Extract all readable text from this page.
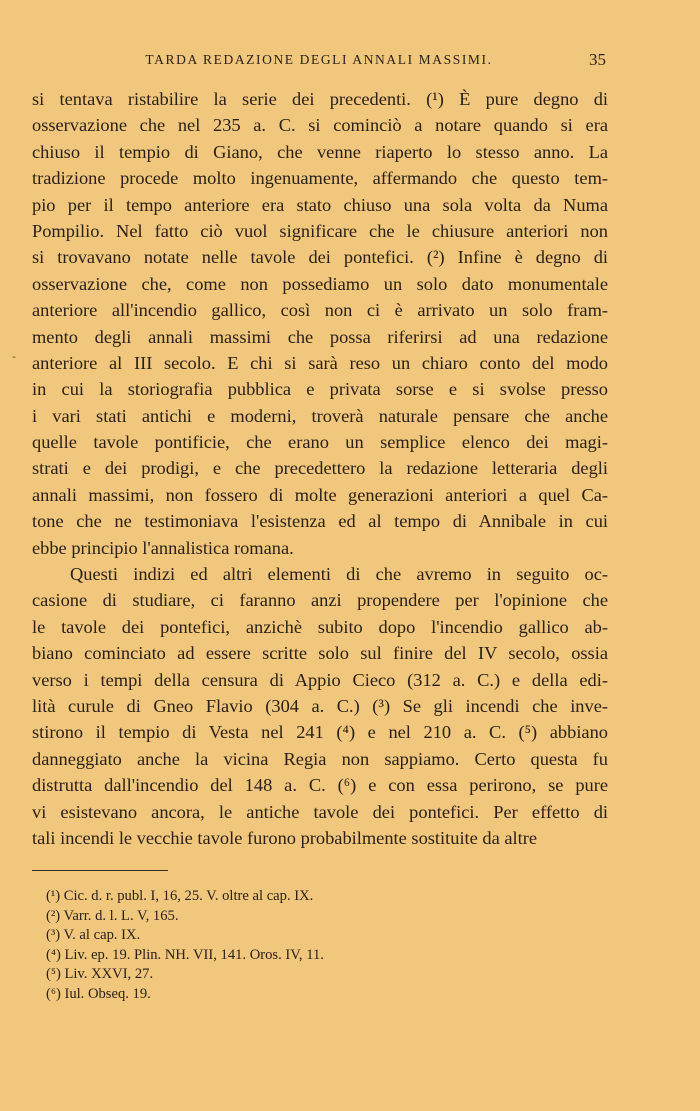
TARDA REDAZIONE DEGLI ANNALI MASSIMI.	35
-
si tentava ristabilire la serie dei precedenti. (¹) È pure degno di
osservazione che nel 235 a. C. si cominciò a notare quando si era
chiuso il tempio di Giano, che venne riaperto lo stesso anno. La
tradizione procede molto ingenuamente, affermando che questo tem-
pio per il tempo anteriore era stato chiuso una sola volta da Numa
Pompilio. Nel fatto ciò vuol significare che le chiusure anteriori non
si trovavano notate nelle tavole dei pontefici. (²) Infine è degno di
osservazione che, come non possediamo un solo dato monumentale
anteriore all'incendio gallico, così non ci è arrivato un solo fram-
mento degli annali massimi che possa riferirsi ad una redazione
anteriore al III secolo. E chi si sarà reso un chiaro conto del modo
in cui la storiografia pubblica e privata sorse e si svolse presso
i vari stati antichi e moderni, troverà naturale pensare che anche
quelle tavole pontificie, che erano un semplice elenco dei magi-
strati e dei prodigi, e che precedettero la redazione letteraria degli
annali massimi, non fossero di molte generazioni anteriori a quel Ca-
tone che ne testimoniava l'esistenza ed al tempo di Annibale in cui
ebbe principio l'annalistica romana.
Questi indizi ed altri elementi di che avremo in seguito oc-
casione di studiare, ci faranno anzi propendere per l'opinione che
le tavole dei pontefici, anzichè subito dopo l'incendio gallico ab-
biano cominciato ad essere scritte solo sul finire del IV secolo, ossia
verso i tempi della censura di Appio Cieco (312 a. C.) e della edi-
lità curule di Gneo Flavio (304 a. C.) (³) Se gli incendi che inve-
stirono il tempio di Vesta nel 241 (⁴) e nel 210 a. C. (⁵) abbiano
danneggiato anche la vicina Regia non sappiamo. Certo questa fu
distrutta dall'incendio del 148 a. C. (⁶) e con essa perirono, se pure
vi esistevano ancora, le antiche tavole dei pontefici. Per effetto di
tali incendi le vecchie tavole furono probabilmente sostituite da altre
(¹) Cic. d. r. publ. I, 16, 25. V. oltre al cap. IX.
(²) Varr. d. l. L. V, 165.
(³) V. al cap. IX.
(⁴) Liv. ep. 19. Plin. NH. VII, 141. Oros. IV, 11.
(⁵) Liv. XXVI, 27.
(⁶) Iul. Obseq. 19.
